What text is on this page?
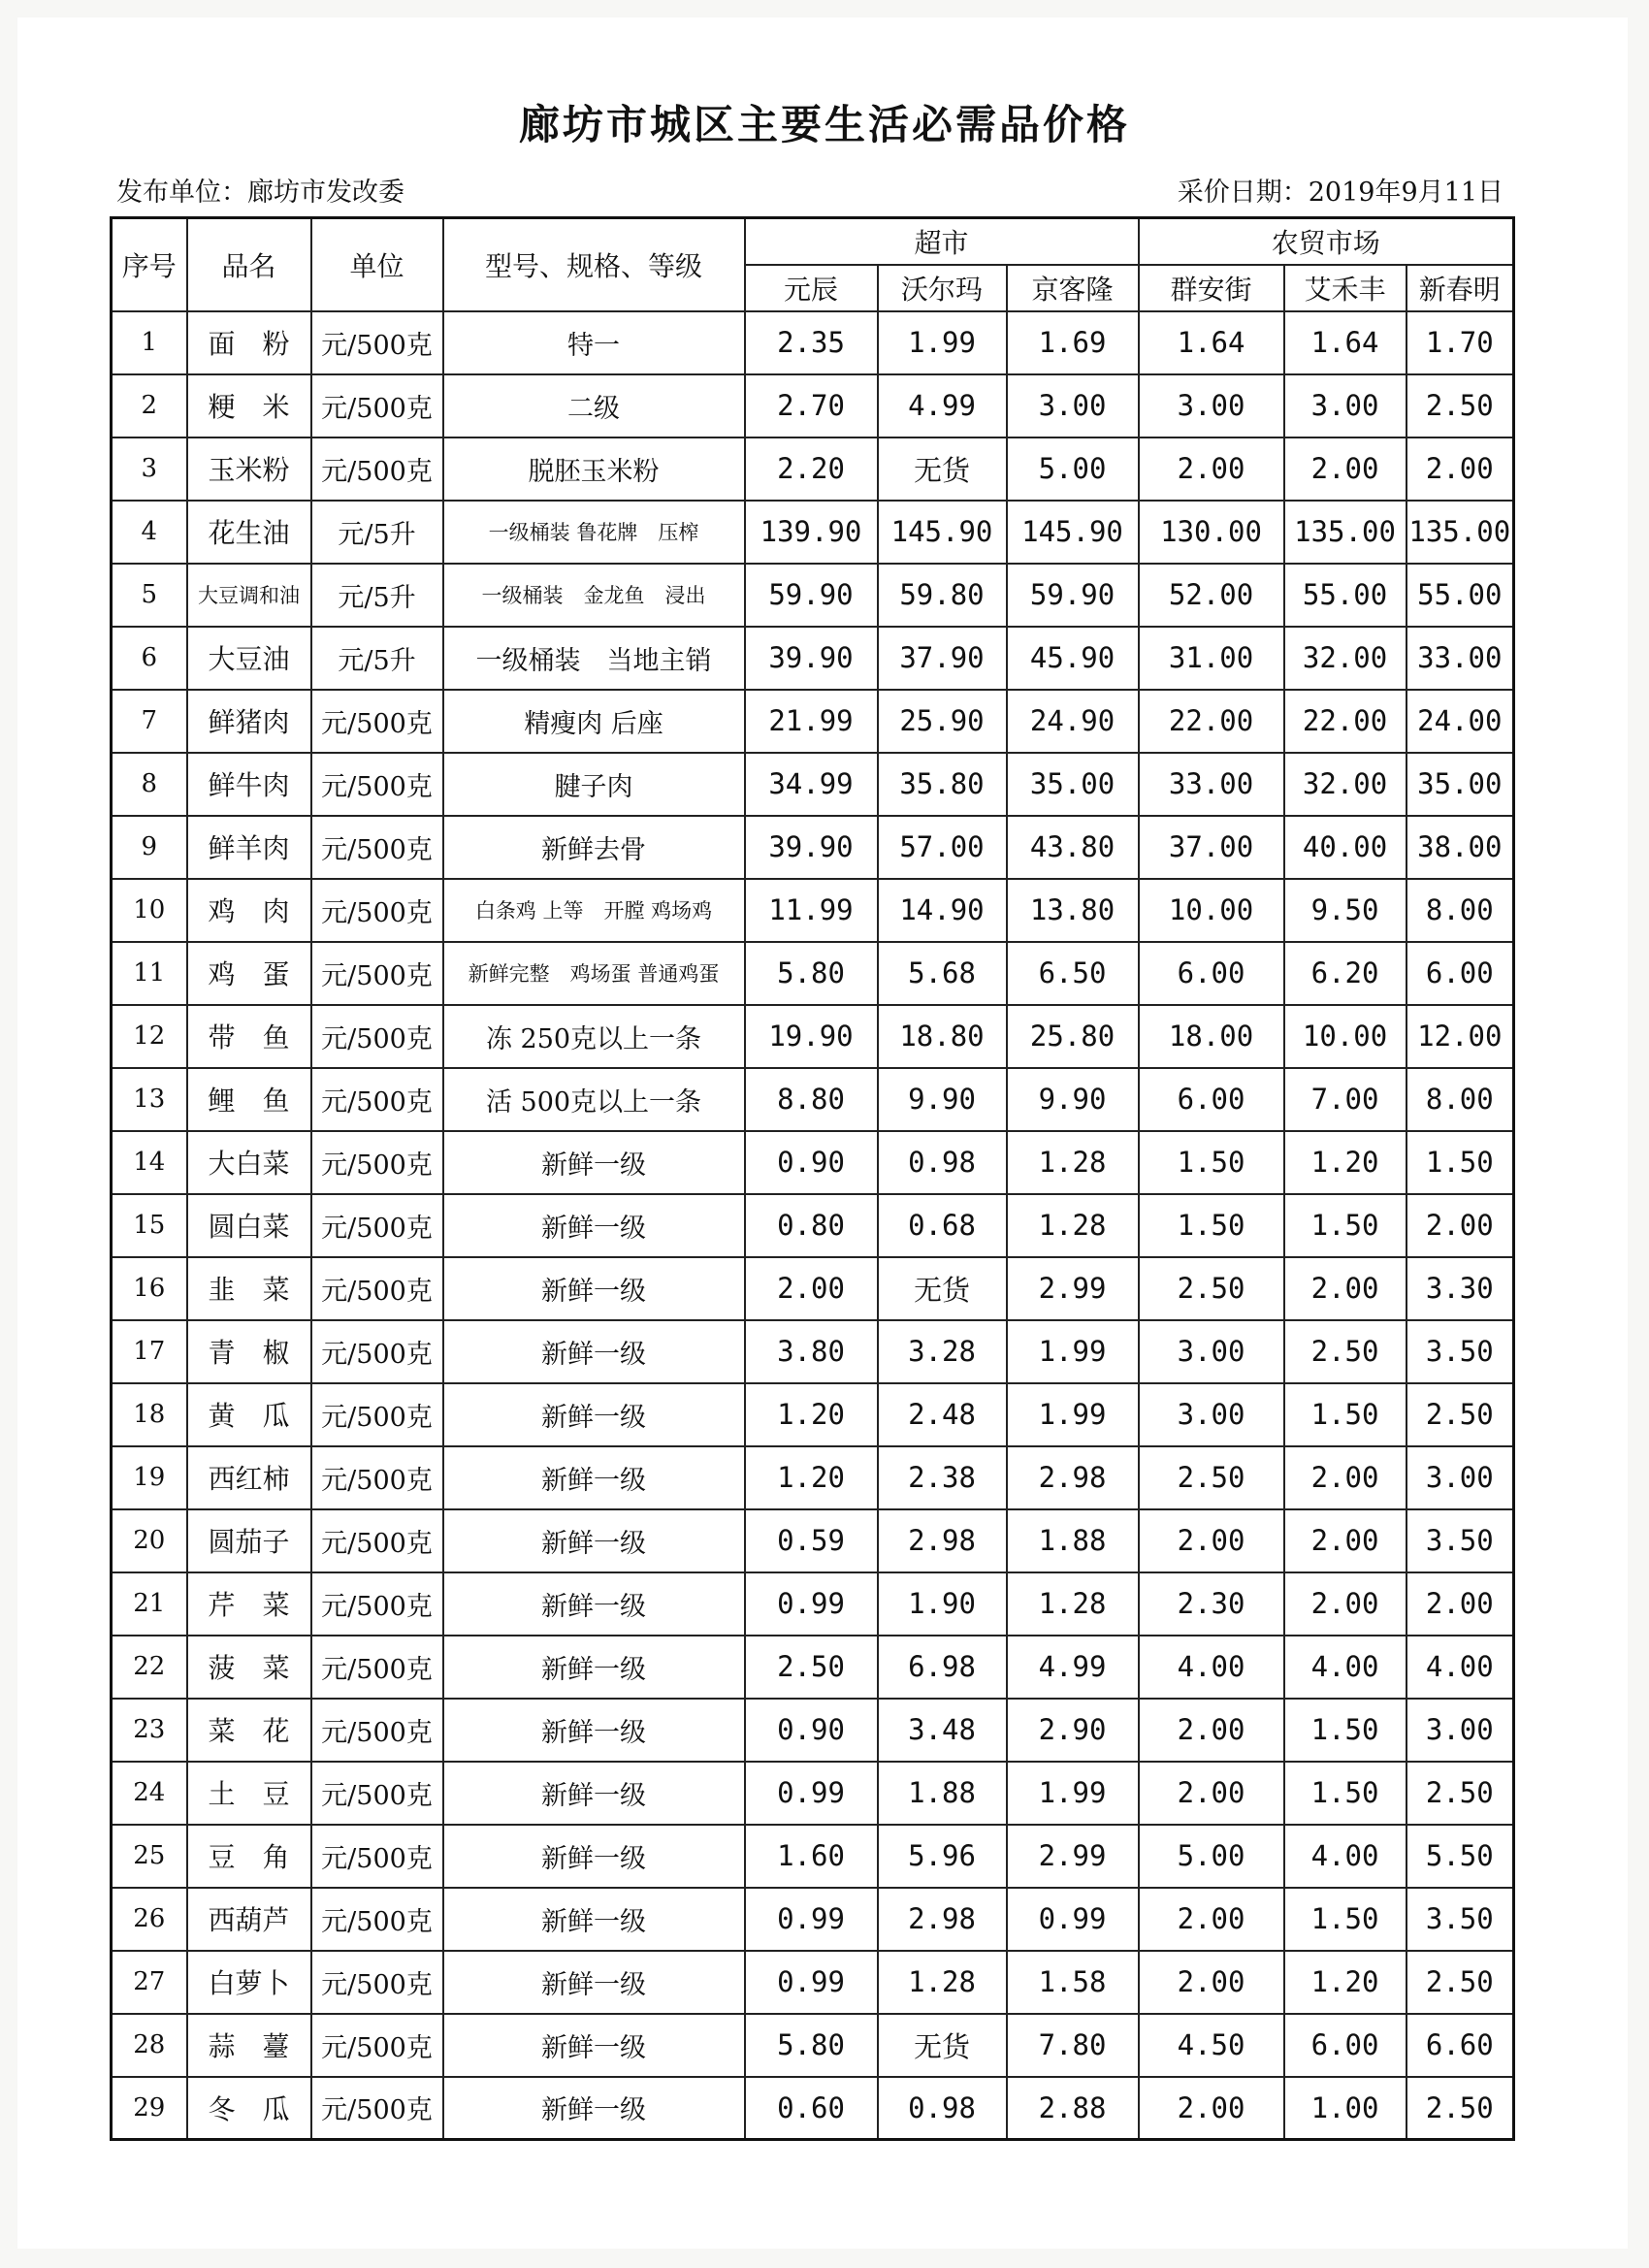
廊坊市城区主要生活必需品价格
发布单位：廊坊市发改委	采价日期：2019年9月11日
序号	品名	单位	型号、规格、等级	超市			农贸市场		
				元辰	沃尔玛	京客隆	群安街	艾禾丰	新春明
1	面　粉	元/500克	特一	2.35	1.99	1.69	1.64	1.64	1.70
2	粳　米	元/500克	二级	2.70	4.99	3.00	3.00	3.00	2.50
3	玉米粉	元/500克	脱胚玉米粉	2.20	无货	5.00	2.00	2.00	2.00
4	花生油	元/5升	一级桶装 鲁花牌　压榨	139.90	145.90	145.90	130.00	135.00	135.00
5	大豆调和油	元/5升	一级桶装　金龙鱼　浸出	59.90	59.80	59.90	52.00	55.00	55.00
6	大豆油	元/5升	一级桶装　当地主销	39.90	37.90	45.90	31.00	32.00	33.00
7	鲜猪肉	元/500克	精瘦肉 后座	21.99	25.90	24.90	22.00	22.00	24.00
8	鲜牛肉	元/500克	腱子肉	34.99	35.80	35.00	33.00	32.00	35.00
9	鲜羊肉	元/500克	新鲜去骨	39.90	57.00	43.80	37.00	40.00	38.00
10	鸡　肉	元/500克	白条鸡 上等　开膛 鸡场鸡	11.99	14.90	13.80	10.00	9.50	8.00
11	鸡　蛋	元/500克	新鲜完整　鸡场蛋 普通鸡蛋	5.80	5.68	6.50	6.00	6.20	6.00
12	带　鱼	元/500克	冻 250克以上一条	19.90	18.80	25.80	18.00	10.00	12.00
13	鲤　鱼	元/500克	活 500克以上一条	8.80	9.90	9.90	6.00	7.00	8.00
14	大白菜	元/500克	新鲜一级	0.90	0.98	1.28	1.50	1.20	1.50
15	圆白菜	元/500克	新鲜一级	0.80	0.68	1.28	1.50	1.50	2.00
16	韭　菜	元/500克	新鲜一级	2.00	无货	2.99	2.50	2.00	3.30
17	青　椒	元/500克	新鲜一级	3.80	3.28	1.99	3.00	2.50	3.50
18	黄　瓜	元/500克	新鲜一级	1.20	2.48	1.99	3.00	1.50	2.50
19	西红柿	元/500克	新鲜一级	1.20	2.38	2.98	2.50	2.00	3.00
20	圆茄子	元/500克	新鲜一级	0.59	2.98	1.88	2.00	2.00	3.50
21	芹　菜	元/500克	新鲜一级	0.99	1.90	1.28	2.30	2.00	2.00
22	菠　菜	元/500克	新鲜一级	2.50	6.98	4.99	4.00	4.00	4.00
23	菜　花	元/500克	新鲜一级	0.90	3.48	2.90	2.00	1.50	3.00
24	土　豆	元/500克	新鲜一级	0.99	1.88	1.99	2.00	1.50	2.50
25	豆　角	元/500克	新鲜一级	1.60	5.96	2.99	5.00	4.00	5.50
26	西葫芦	元/500克	新鲜一级	0.99	2.98	0.99	2.00	1.50	3.50
27	白萝卜	元/500克	新鲜一级	0.99	1.28	1.58	2.00	1.20	2.50
28	蒜　薹	元/500克	新鲜一级	5.80	无货	7.80	4.50	6.00	6.60
29	冬　瓜	元/500克	新鲜一级	0.60	0.98	2.88	2.00	1.00	2.50
